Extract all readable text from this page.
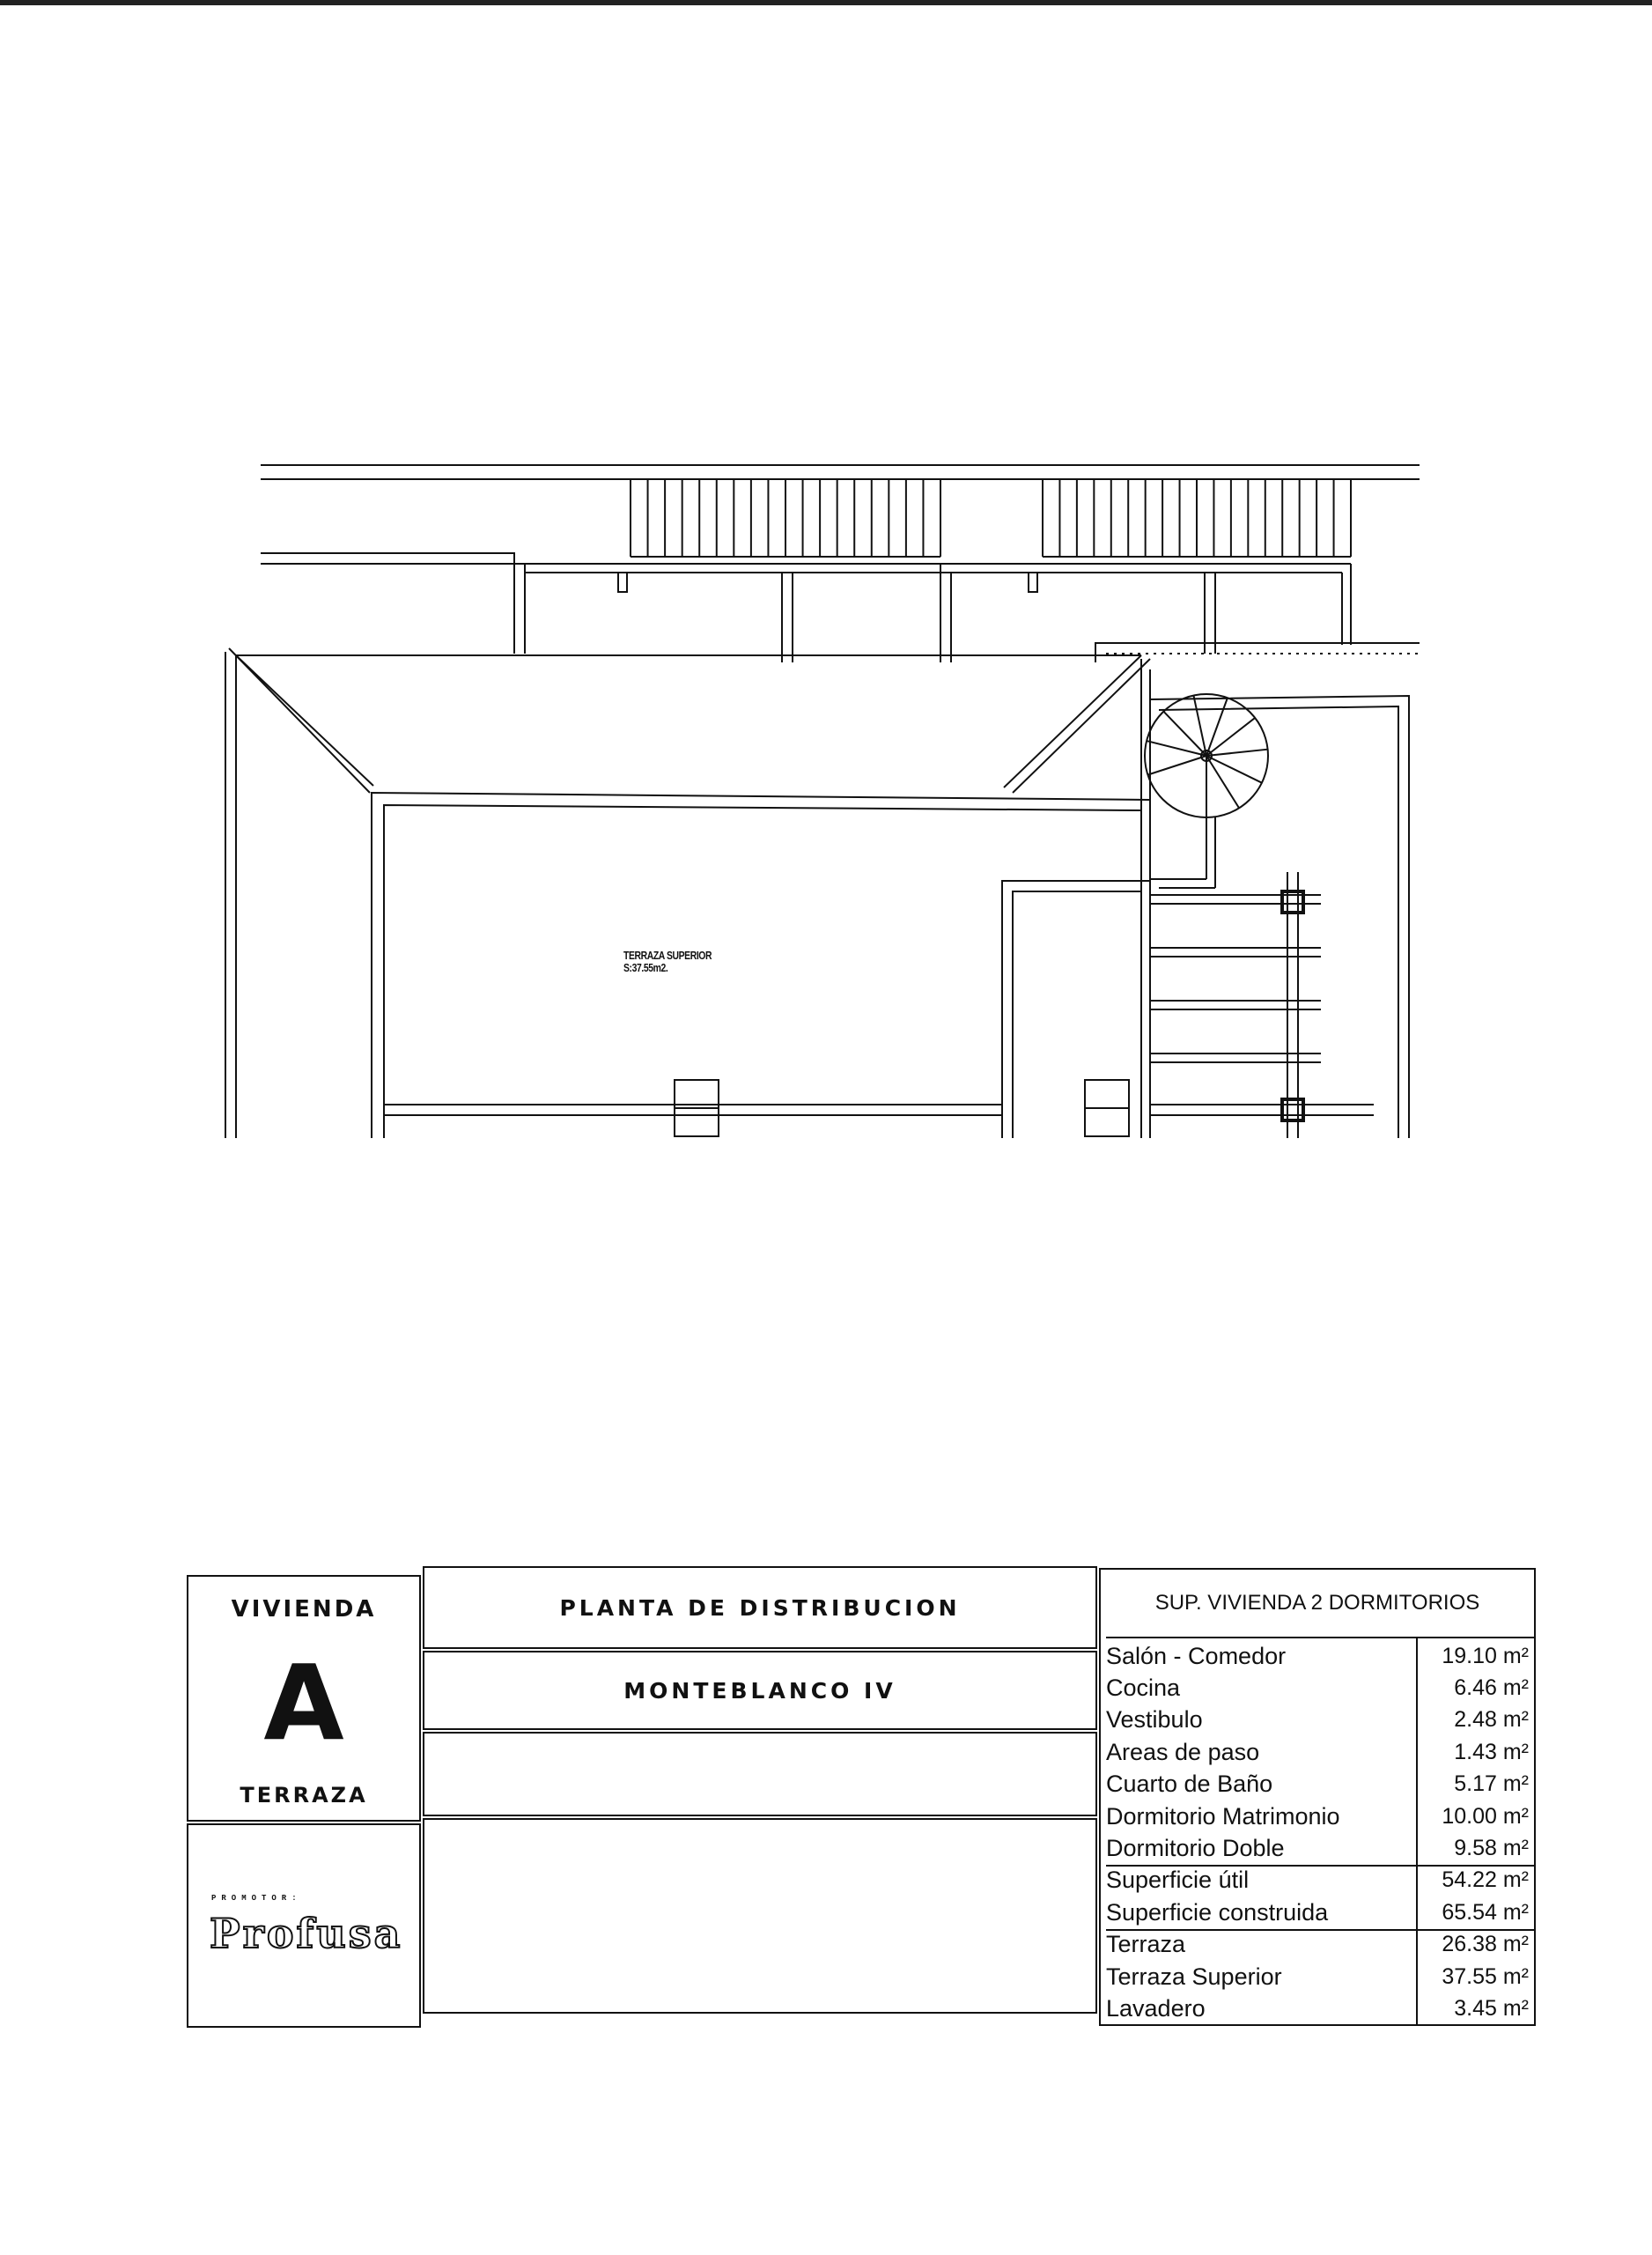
TERRAZA SUPERIOR
S:37.55m2.
VIVIENDA
A
TERRAZA
PROMOTOR:
Profusa
PLANTA DE DISTRIBUCION
MONTEBLANCO IV
SUP. VIVIENDA 2 DORMITORIOS
Salón - Comedor	19.10 m²
Cocina	6.46 m²
Vestibulo	2.48 m²
Areas de paso	1.43 m²
Cuarto de Baño	5.17 m²
Dormitorio Matrimonio	10.00 m²
Dormitorio Doble	9.58 m²
Superficie útil	54.22 m²
Superficie construida	65.54 m²
Terraza	26.38 m²
Terraza Superior	37.55 m²
Lavadero	3.45 m²
